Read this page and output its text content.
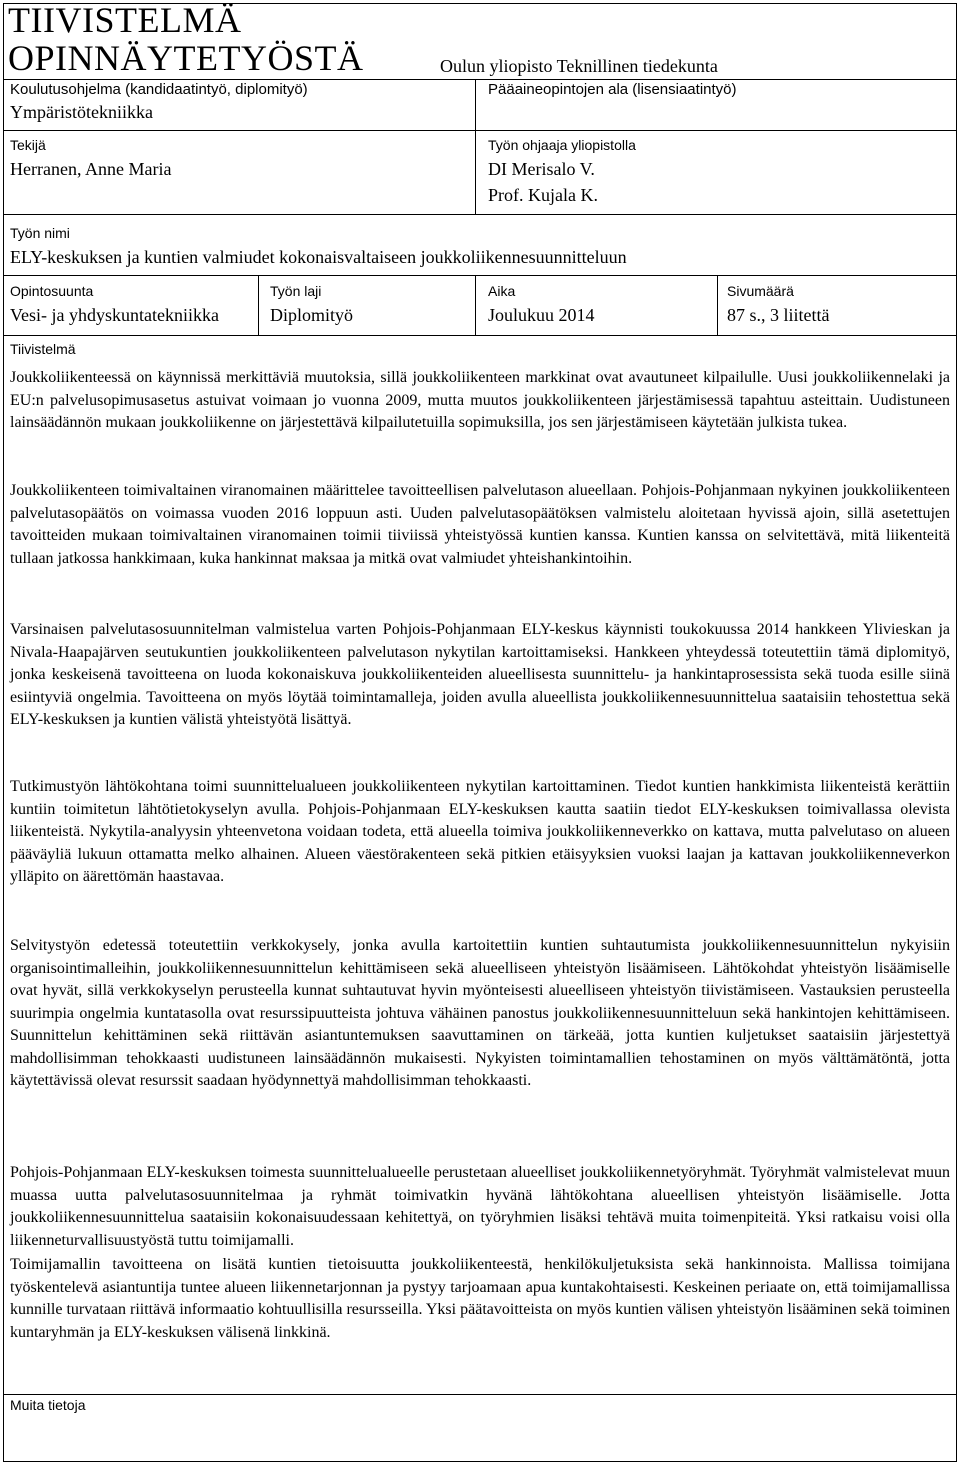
TIIVISTELMÄ
OPINNÄYTETYÖSTÄ	Oulun yliopisto Teknillinen tiedekunta
Koulutusohjelma (kandidaatintyö, diplomityö)
Ympäristötekniikka
Pääaineopintojen ala (lisensiaatintyö)
Tekijä
Herranen, Anne Maria
Työn ohjaaja yliopistolla
DI Merisalo V.
Prof. Kujala K.
Työn nimi
ELY-keskuksen ja kuntien valmiudet kokonaisvaltaiseen joukkoliikennesuunnitteluun
Opintosuunta
Vesi- ja yhdyskuntatekniikka
Työn laji
Diplomityö
Aika
Joulukuu 2014
Sivumäärä
87 s., 3 liitettä
Tiivistelmä

Joukkoliikenteessä on käynnissä merkittäviä muutoksia, sillä joukkoliikenteen markkinat ovat avautuneet kilpailulle. Uusi joukkoliikennelaki ja EU:n palvelusopimusasetus astuivat voimaan jo vuonna 2009, mutta muutos joukkoliikenteen järjestämisessä tapahtuu asteittain. Uudistuneen lainsäädännön mukaan joukkoliikenne on järjestettävä kilpailutetuilla sopimuksilla, jos sen järjestämiseen käytetään julkista tukea.

Joukkoliikenteen toimivaltainen viranomainen määrittelee tavoitteellisen palvelutason alueellaan. Pohjois-Pohjanmaan nykyinen joukkoliikenteen palvelutasopäätös on voimassa vuoden 2016 loppuun asti. Uuden palvelutasopäätöksen valmistelu aloitetaan hyvissä ajoin, sillä asetettujen tavoitteiden mukaan toimivaltainen viranomainen toimii tiiviissä yhteistyössä kuntien kanssa. Kuntien kanssa on selvitettävä, mitä liikenteitä tullaan jatkossa hankkimaan, kuka hankinnat maksaa ja mitkä ovat valmiudet yhteishankintoihin.

Varsinaisen palvelutasosuunnitelman valmistelua varten Pohjois-Pohjanmaan ELY-keskus käynnisti toukokuussa 2014 hankkeen Ylivieskan ja Nivala-Haapajärven seutukuntien joukkoliikenteen palvelutason nykytilan kartoittamiseksi. Hankkeen yhteydessä toteutettiin tämä diplomityö, jonka keskeisenä tavoitteena on luoda kokonaiskuva joukkoliikenteiden alueellisesta suunnittelu- ja hankintaprosessista sekä tuoda esille siinä esiintyviä ongelmia. Tavoitteena on myös löytää toimintamalleja, joiden avulla alueellista joukkoliikennesuunnittelua saataisiin tehostettua sekä ELY-keskuksen ja kuntien välistä yhteistyötä lisättyä.

Tutkimustyön lähtökohtana toimi suunnittelualueen joukkoliikenteen nykytilan kartoittaminen. Tiedot kuntien hankkimista liikenteistä kerättiin kuntiin toimitetun lähtötietokyselyn avulla. Pohjois-Pohjanmaan ELY-keskuksen kautta saatiin tiedot ELY-keskuksen toimivallassa olevista liikenteistä. Nykytila-analyysin yhteenvetona voidaan todeta, että alueella toimiva joukkoliikenneverkko on kattava, mutta palvelutaso on alueen pääväyliä lukuun ottamatta melko alhainen. Alueen väestörakenteen sekä pitkien etäisyyksien vuoksi laajan ja kattavan joukkoliikenneverkon ylläpito on äärettömän haastavaa.

Selvitystyön edetessä toteutettiin verkkokysely, jonka avulla kartoitettiin kuntien suhtautumista joukkoliikennesuunnittelun nykyisiin organisointimalleihin, joukkoliikennesuunnittelun kehittämiseen sekä alueelliseen yhteistyön lisäämiseen. Lähtökohdat yhteistyön lisäämiselle ovat hyvät, sillä verkkokyselyn perusteella kunnat suhtautuvat hyvin myönteisesti alueelliseen yhteistyön tiivistämiseen. Vastauksien perusteella suurimpia ongelmia kuntatasolla ovat resurssipuutteista johtuva vähäinen panostus joukkoliikennesuunnitteluun sekä hankintojen kehittämiseen. Suunnittelun kehittäminen sekä riittävän asiantuntemuksen saavuttaminen on tärkeää, jotta kuntien kuljetukset saataisiin järjestettyä mahdollisimman tehokkaasti uudistuneen lainsäädännön mukaisesti. Nykyisten toimintamallien tehostaminen on myös välttämätöntä, jotta käytettävissä olevat resurssit saadaan hyödynnettyä mahdollisimman tehokkaasti.

Pohjois-Pohjanmaan ELY-keskuksen toimesta suunnittelualueelle perustetaan alueelliset joukkoliikennetyöryhmät. Työryhmät valmistelevat muun muassa uutta palvelutasosuunnitelmaa ja ryhmät toimivatkin hyvänä lähtökohtana alueellisen yhteistyön lisäämiselle. Jotta joukkoliikennesuunnittelua saataisiin kokonaisuudessaan kehitettyä, on työryhmien lisäksi tehtävä muita toimenpiteitä. Yksi ratkaisu voisi olla liikenneturvallisuustyöstä tuttu toimijamalli.

Toimijamallin tavoitteena on lisätä kuntien tietoisuutta joukkoliikenteestä, henkilökuljetuksista sekä hankinnoista. Mallissa toimijana työskentelevä asiantuntija tuntee alueen liikennetarjonnan ja pystyy tarjoamaan apua kuntakohtaisesti. Keskeinen periaate on, että toimijamallissa kunnille turvataan riittävä informaatio kohtuullisilla resursseilla. Yksi päätavoitteista on myös kuntien välisen yhteistyön lisääminen sekä toiminen kuntaryhmän ja ELY-keskuksen välisenä linkkinä.

Muita tietoja
